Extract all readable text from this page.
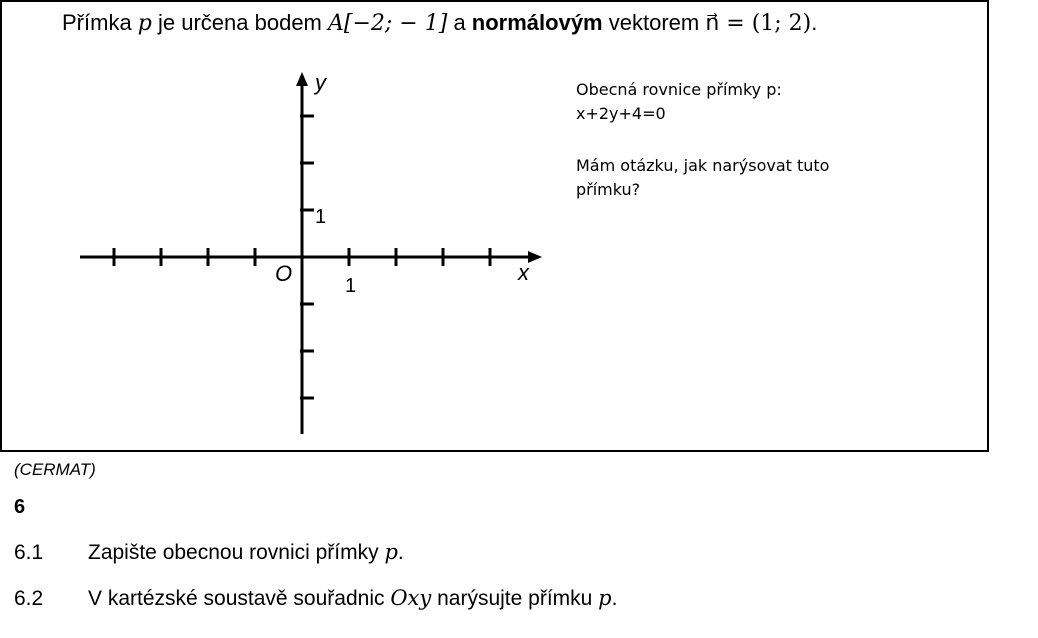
Přímka p je určena bodem A[−2; − 1] a normálovým vektorem n⃗ = (1; 2).
y
x
O	1
1

Obecná rovnice přímky p:

x+2y+4=0

Mám otázku, jak narýsovat tuto

přímku?

(CERMAT)
6
6.1 Zapište obecnou rovnici přímky p.
6.2 V kartézské soustavě souřadnic Oxy narýsujte přímku p.
